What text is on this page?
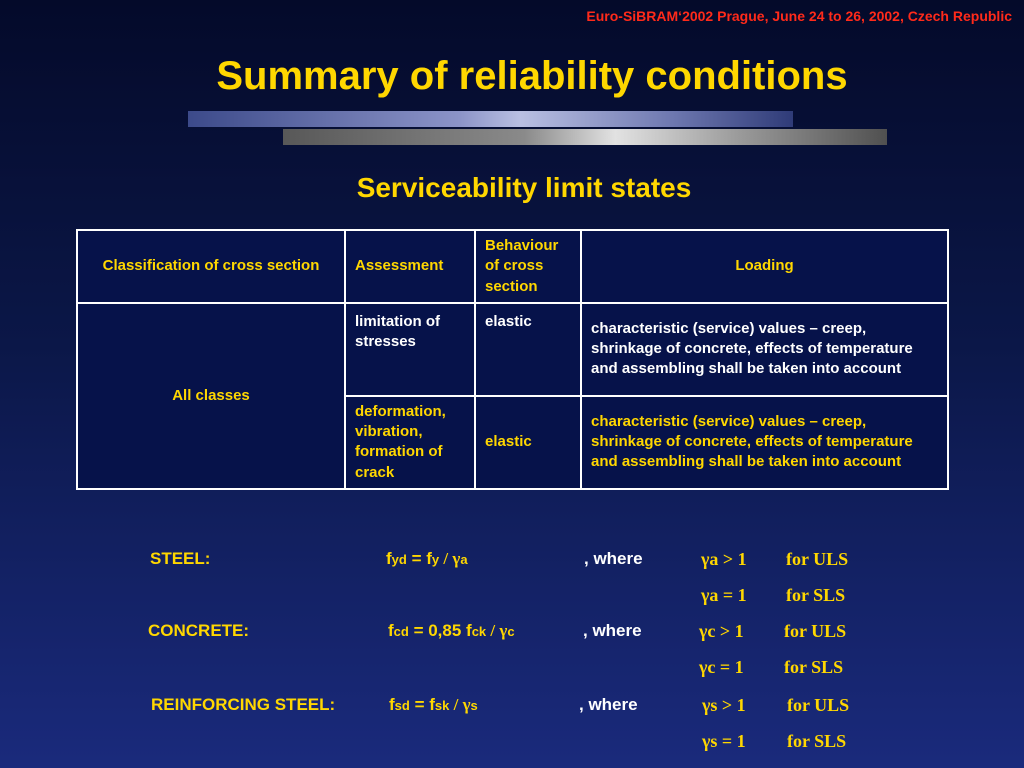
Euro-SiBRAM‘2002 Prague, June 24 to 26, 2002, Czech Republic
Summary of reliability conditions
Serviceability limit states
Classification of cross section	Assessment	Behaviour of cross section	Loading
All classes	limitation of stresses	elastic	characteristic (service) values – creep, shrinkage of concrete, effects of temperature and assembling shall be taken into account
	deformation, vibration, formation of crack	elastic	characteristic (service) values – creep, shrinkage of concrete, effects of temperature and assembling shall be taken into account
STEEL:	fyd = fy / γa	, where	γa > 1 for ULS
γa = 1 for SLS
CONCRETE:	fcd = 0,85 fck / γc	, where	γc > 1 for ULS
γc = 1 for SLS
REINFORCING STEEL:	fsd = fsk / γs	, where	γs > 1 for ULS
γs = 1 for SLS
